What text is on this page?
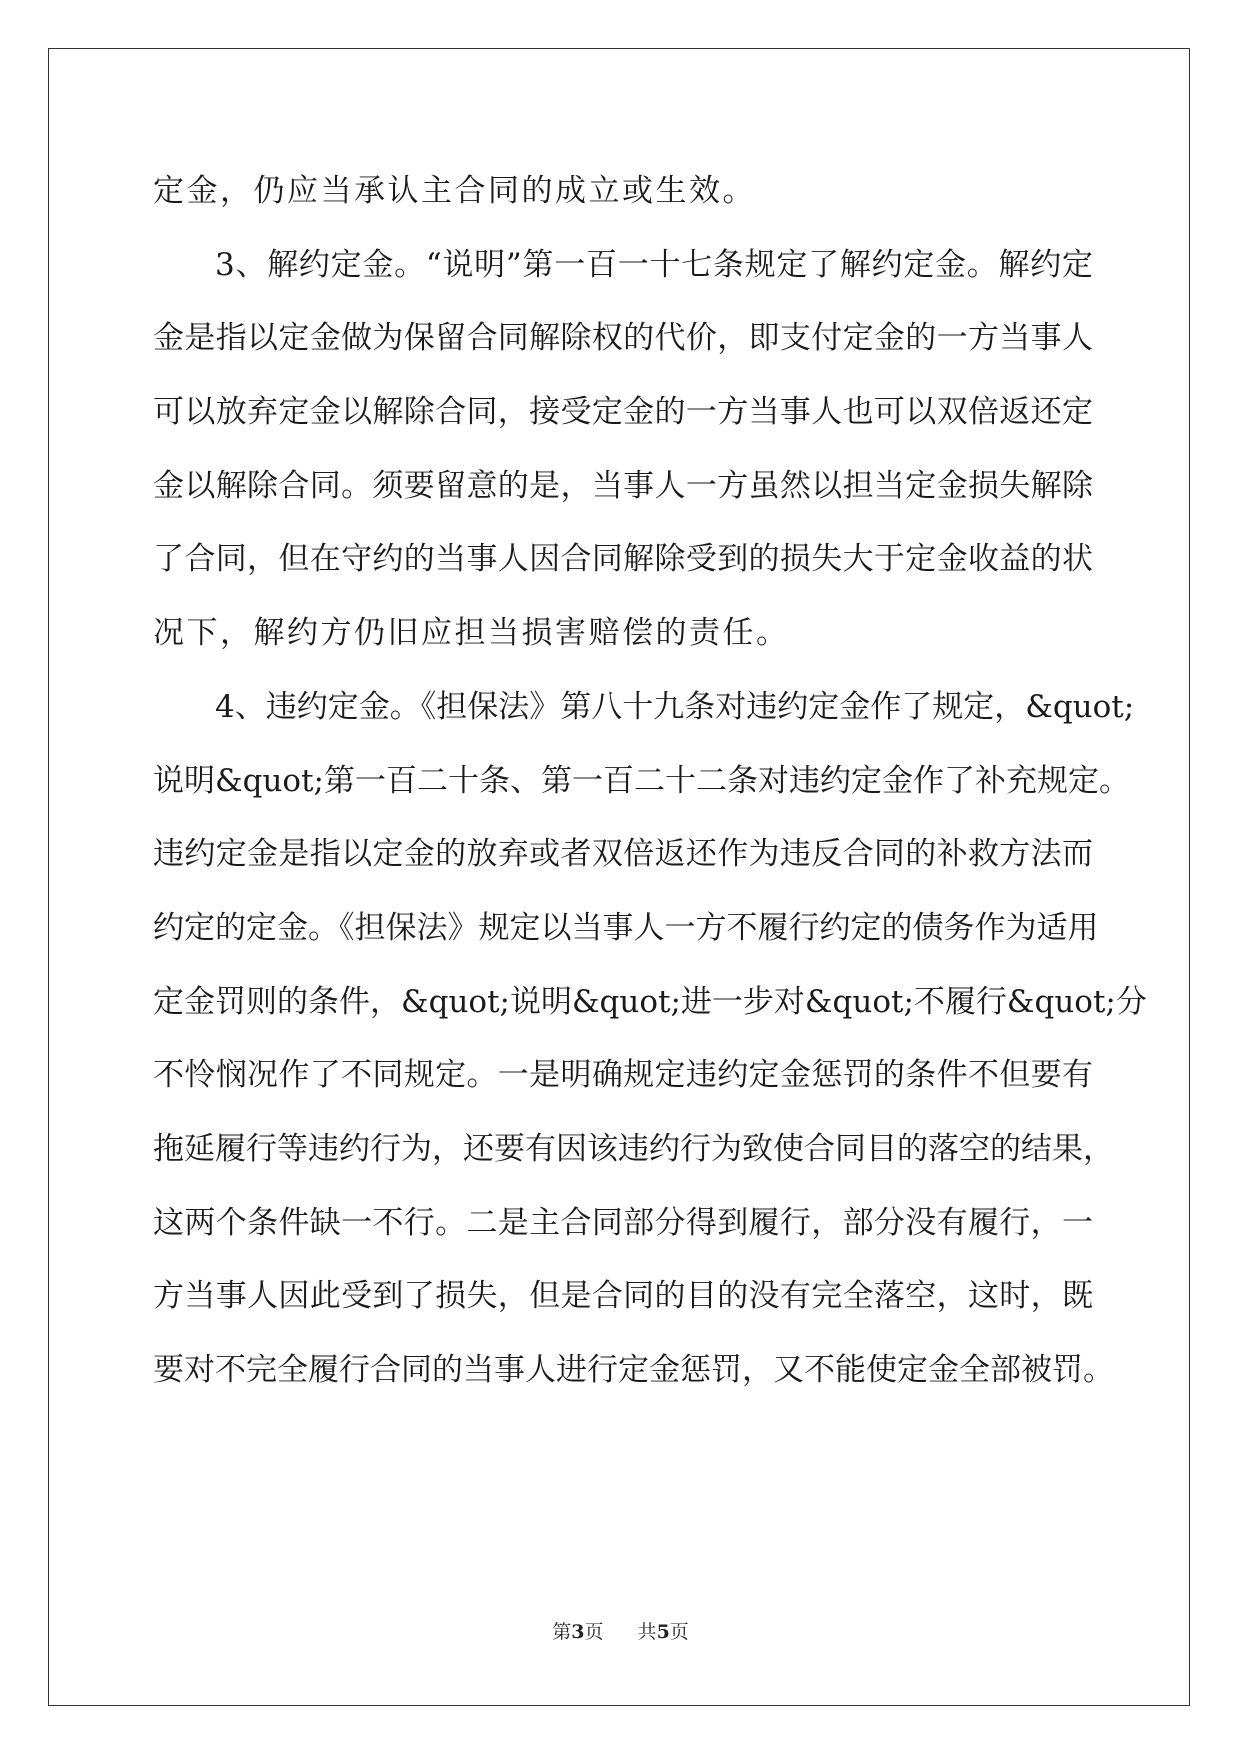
定金，仍应当承认主合同的成立或生效。
3、解约定金。“说明”第一百一十七条规定了解约定金。解约定
金是指以定金做为保留合同解除权的代价，即支付定金的一方当事人
可以放弃定金以解除合同，接受定金的一方当事人也可以双倍返还定
金以解除合同。须要留意的是，当事人一方虽然以担当定金损失解除
了合同，但在守约的当事人因合同解除受到的损失大于定金收益的状
况下，解约方仍旧应担当损害赔偿的责任。
4、违约定金。《担保法》第八十九条对违约定金作了规定，&quot;
说明&quot;第一百二十条、第一百二十二条对违约定金作了补充规定。
违约定金是指以定金的放弃或者双倍返还作为违反合同的补救方法而
约定的定金。《担保法》规定以当事人一方不履行约定的债务作为适用
定金罚则的条件，&quot;说明&quot;进一步对&quot;不履行&quot;分
不怜悯况作了不同规定。一是明确规定违约定金惩罚的条件不但要有
拖延履行等违约行为，还要有因该违约行为致使合同目的落空的结果，
这两个条件缺一不行。二是主合同部分得到履行，部分没有履行，一
方当事人因此受到了损失，但是合同的目的没有完全落空，这时，既
要对不完全履行合同的当事人进行定金惩罚，又不能使定金全部被罚。
第3页 共5页
